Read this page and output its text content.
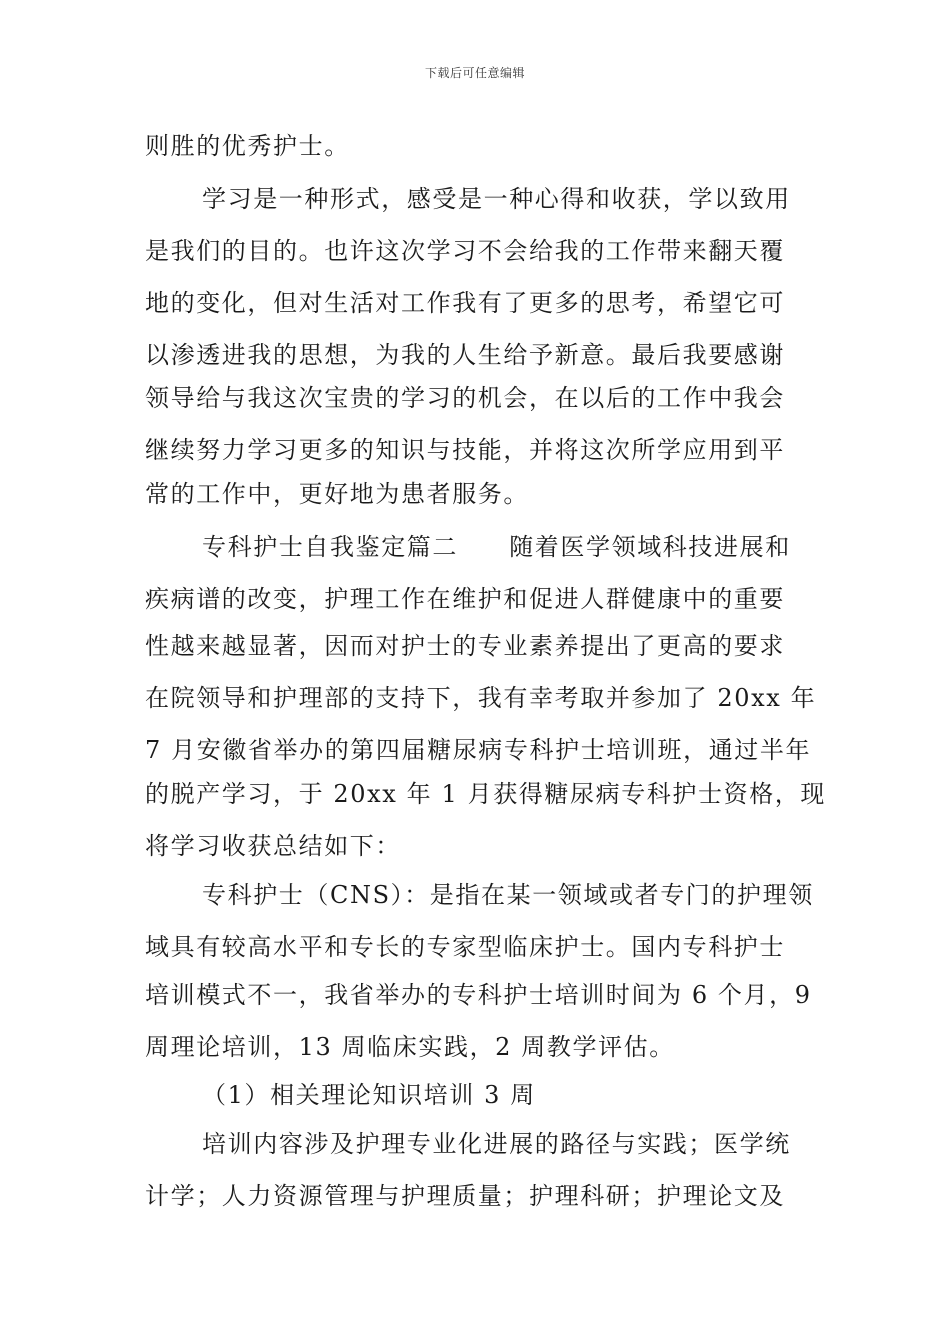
下载后可任意编辑
则胜的优秀护士。
学习是一种形式，感受是一种心得和收获，学以致用
是我们的目的。也许这次学习不会给我的工作带来翻天覆
地的变化，但对生活对工作我有了更多的思考，希望它可
以渗透进我的思想，为我的人生给予新意。最后我要感谢
领导给与我这次宝贵的学习的机会，在以后的工作中我会
继续努力学习更多的知识与技能，并将这次所学应用到平
常的工作中，更好地为患者服务。
专科护士自我鉴定篇二　　随着医学领域科技进展和
疾病谱的改变，护理工作在维护和促进人群健康中的重要
性越来越显著，因而对护士的专业素养提出了更高的要求
在院领导和护理部的支持下，我有幸考取并参加了 20xx 年
7 月安徽省举办的第四届糖尿病专科护士培训班，通过半年
的脱产学习，于 20xx 年 1 月获得糖尿病专科护士资格，现
将学习收获总结如下：
专科护士（CNS）：是指在某一领域或者专门的护理领
域具有较高水平和专长的专家型临床护士。国内专科护士
培训模式不一，我省举办的专科护士培训时间为 6 个月，9
周理论培训，13 周临床实践，2 周教学评估。
（1）相关理论知识培训 3 周
培训内容涉及护理专业化进展的路径与实践；医学统
计学；人力资源管理与护理质量；护理科研；护理论文及
